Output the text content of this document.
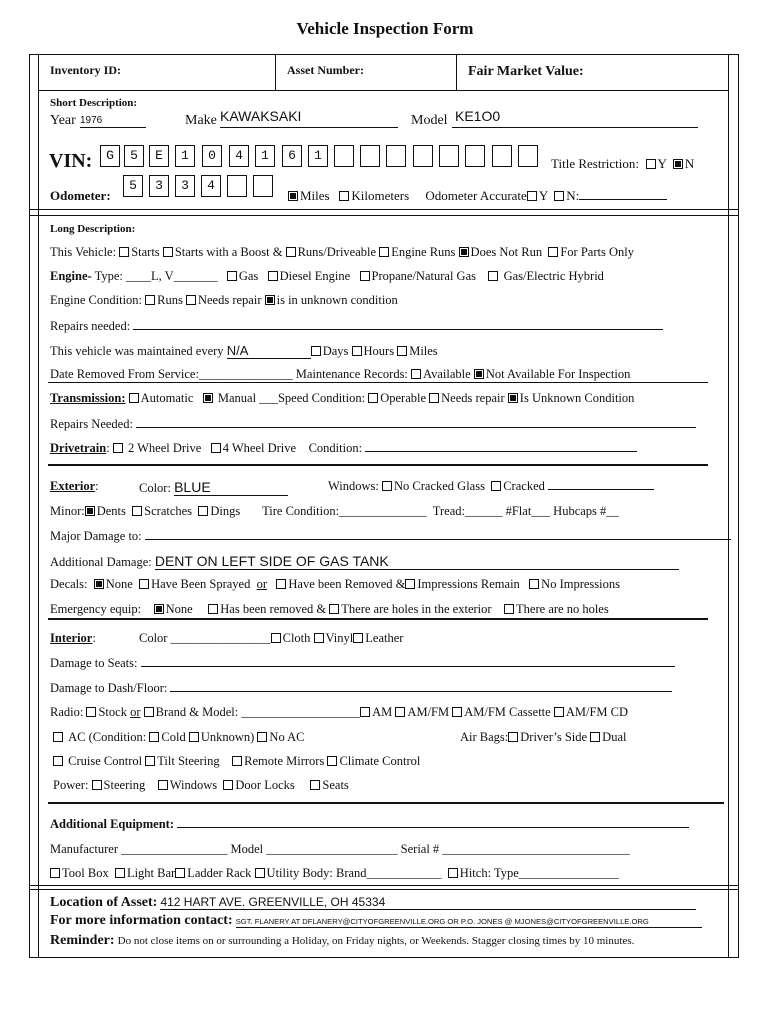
Vehicle Inspection Form
Inventory ID:	Asset Number:	Fair Market Value:
Short Description:
Year 1976	Make KAWAKSAKI	Model KE1O0
VIN:	G	5	E	1	0	4	1	6	1
Title Restriction: Y N
Odometer:
5	3	3	4
Miles Kilometers Odometer Accurate Y N:
Long Description:
This Vehicle: Starts Starts with a Boost & Runs/Driveable Engine Runs Does Not Run For Parts Only
Engine- Type: ____L, V_______ Gas Diesel Engine Propane/Natural Gas Gas/Electric Hybrid
Engine Condition: Runs Needs repair is in unknown condition
Repairs needed:
This vehicle was maintained every N/A	Days Hours Miles
Date Removed From Service:_______________ Maintenance Records: Available Not Available For Inspection
Transmission: Automatic Manual ___Speed Condition: Operable Needs repair Is Unknown Condition
Repairs Needed:
Drivetrain:  2 Wheel Drive 4 Wheel Drive Condition:
Exterior:	Color: BLUE	Windows: No Cracked Glass Cracked
Minor: Dents Scratches Dings Tire Condition:______________ Tread:______ #Flat___ Hubcaps #__
Major Damage to:
Additional Damage: DENT ON LEFT SIDE OF GAS TANK
Decals: None Have Been Sprayed or Have been Removed & Impressions Remain No Impressions
Emergency equip: None Has been removed & There are holes in the exterior There are no holes
Interior:	Color ________________ Cloth Vinyl Leather
Damage to Seats:
Damage to Dash/Floor:
Radio: Stock or Brand & Model: ___________________ AM AM/FM AM/FM Cassette AM/FM CD
AC (Condition: Cold Unknown) No AC	Air Bags: Driver’s Side Dual
Cruise Control Tilt Steering Remote Mirrors Climate Control
Power: Steering Windows Door Locks Seats
Additional Equipment:
Manufacturer _________________ Model _____________________ Serial # ______________________________
Tool Box Light Bar Ladder Rack Utility Body: Brand____________ Hitch: Type________________
Location of Asset: 412 HART AVE. GREENVILLE, OH 45334
For more information contact: SGT. FLANERY AT DFLANERY@CITYOFGREENVILLE.ORG OR P.O. JONES @ MJONES@CITYOFGREENVILLE.ORG
Reminder: Do not close items on or surrounding a Holiday, on Friday nights, or Weekends. Stagger closing times by 10 minutes.
